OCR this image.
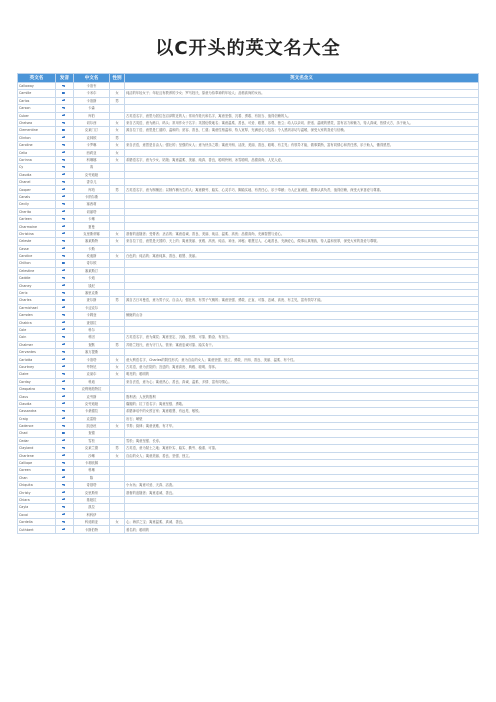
以C开头的英文名大全
英文名	发音	中文名	性别	英文名含义
Calloway		卡洛韦		
Camille		卡米尔	女	纯洁的年轻女子；年轻且有教养的少女；罗马姓氏，原意为侍奉神的年轻人；品格高尚的女孩。
Carlos		卡洛斯	男	
Carson		卡森		
Cuber		库伯		古英语名字，意思为居住在沼泽附近的人；常用作姓氏和名字，寓意坚强、沉着、勇敢、有担当、值得信赖的人。
Chelsea		切尔西	女	来自古英语，意为港口、码头；常用作女子名字；英国伦敦地名；寓意温柔、善良、可爱、聪慧、乐观、独立；给人以亲切、舒适、温暖的感觉，富有活力和魅力，待人真诚，热情大方，乐于助人。
Clementine		克莱门汀	女	源自拉丁语，意思是仁慈的、温和的；宽容、善良、仁慈；寓意性格温和、待人宽厚，充满爱心与包容；令人感到亲切与温暖，深受大家的喜爱与信赖。
Clinton		克林顿	男	
Caroline		卡罗琳	女	来自法语，意思是自由人；强壮的；坚强的女人；意为快乐之歌；寓意开朗、活泼、美丽、善良、聪明、有主见；有领导才能，做事果断，富有同情心和责任感，乐于助人，懂得感恩。
Celia		西莉亚	女	
Corinna		科琳娜	女	希腊语名字，意为少女、姑娘；寓意温柔、美丽、纯真、善良，聪明伶俐，冰雪聪明，品德高尚，人见人爱。
Cy		赛		
Claudia		克劳迪娅		
Chanel		香奈儿		
Cooper		库珀	男	古英语名字，意为制桶匠；以制作桶为生的人；寓意勤劳、踏实、心灵手巧、脚踏实地、有责任心、乐于奉献；为人正直诚恳，做事认真负责，值得信赖，深受大家喜爱与尊重。
Canals		卡纳尔斯		
Cecily		塞西莉		
Cherita		切丽塔		
Carleen		卡琳		
Charmaine		夏曼		
Christina		克里斯蒂娜	女	基督的追随者；受膏者；圣洁的；寓意虔诚、善良、美丽、纯洁、温柔、高贵；品德高尚，充满智慧与爱心。
Celeste		塞莱斯特	女	来自拉丁语，意思是天国的、天上的；寓意美丽、优雅、高贵、纯洁、神圣、神秘；聪慧过人、心地善良、充满爱心，做事认真细致，待人温和宽厚，深受大家的喜爱与尊敬。
Casse		卡斯		
Candice		坎迪斯	女	白色的；纯洁的；寓意纯真、善良、聪慧、美丽。
Chilton		奇尔顿		
Celestine		塞莱斯汀		
Caddie		卡迪		
Chaney		钱尼		
Cerix		塞里克斯		
Charles		查尔斯	男	源自古日耳曼语，意为男子汉、自由人；强壮的、有男子气概的；寓意坚强、勇敢、正直、可靠、忠诚、高贵、有主见，富有领导才能。
Carmichael		卡迈克尔		
Camden		卡姆登		蜿蜒的山谷
Chakira		查基拉		
Cole		科尔		
Coin		科因		古英语名字，意为煤炭；寓意坚定、沉稳、热情、可靠、勤奋、有担当。
Chalmer		查默	男	苏格兰姓氏，意为守门人、管家；寓意忠诚可靠、踏实肯干。
Cervantes		塞万提斯		
Carlotta		卡洛塔	女	意大利语名字，Charles的阴性形式；意为自由的女人；寓意坚强、独立、勇敢、开朗、善良、美丽、温柔、有个性。
Courtney		考特尼	女	古英语，意为法院的；宫廷的；寓意高贵、典雅、聪明、得体。
Claire		克莱尔	女	明亮的；聪明的
Corday		科迪		来自法语，意为心；寓意热心、善良、真诚、温柔、多情、富有同情心。
Cleopatra		克利奥帕特拉		
Claus		克劳斯		胜利者；人民的胜利
Claudia		克劳迪娅		瘸腿的；拉丁语名字；寓意坚强、勇敢。
Cassandra		卡桑德拉		希腊神话中的女预言家；寓意聪慧、有远见、敏锐。
Craig		克雷格		岩石；峭壁
Cadence		凯登丝	女	节奏；韵律；寓意优雅、有才华。
Chad		查德		
Cedar		雪松		雪松；寓意坚强、长寿。
Clayland		克莱兰德	男	古英语，意为黏土之地；寓意朴实、踏实、勤劳、稳重、可靠。
Charlene		沙琳	女	自由的女人；寓意美丽、善良、坚强、独立。
Calliope		卡莉欧佩		
Coreen		科琳		
Chan		陈		
Chiquita		奇基塔		小女孩；寓意可爱、天真、活泼。
Christy		克里斯蒂		基督的追随者；寓意虔诚、善良。
Chiara		基娅拉		
Cayla		凯拉		
Cocoi		科科伊		
Cordelia		科迪莉亚	女	心；海洋之宝；寓意温柔、真诚、善良。
Cuthbert		卡斯伯特		著名的；聪明的
